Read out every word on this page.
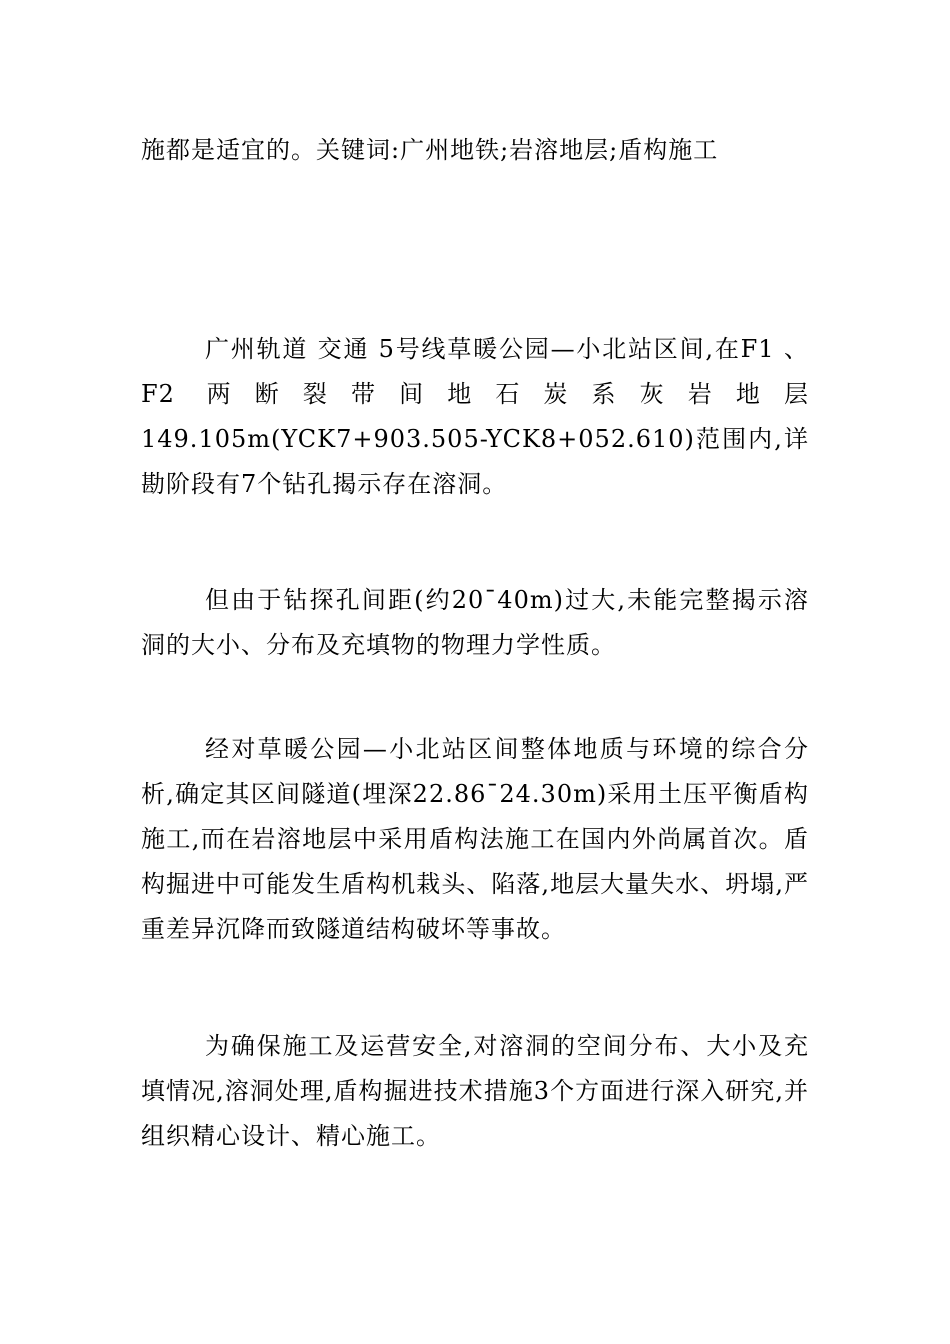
施都是适宜的。关键词:广州地铁;岩溶地层;盾构施工

广州轨道 交通 5号线草暖公园—小北站区间,在F1 、 F2 两断裂带间地石炭系灰岩地层149.105m(YCK7+903.505-YCK8+052.610)范围内,详勘阶段有7个钻孔揭示存在溶洞。

但由于钻探孔间距(约20¯40m)过大,未能完整揭示溶洞的大小、分布及充填物的物理力学性质。

经对草暖公园—小北站区间整体地质与环境的综合分析,确定其区间隧道(埋深22.86¯24.30m)采用土压平衡盾构施工,而在岩溶地层中采用盾构法施工在国内外尚属首次。盾构掘进中可能发生盾构机栽头、陷落,地层大量失水、坍塌,严重差异沉降而致隧道结构破坏等事故。

为确保施工及运营安全,对溶洞的空间分布、大小及充填情况,溶洞处理,盾构掘进技术措施3个方面进行深入研究,并组织精心设计、精心施工。
